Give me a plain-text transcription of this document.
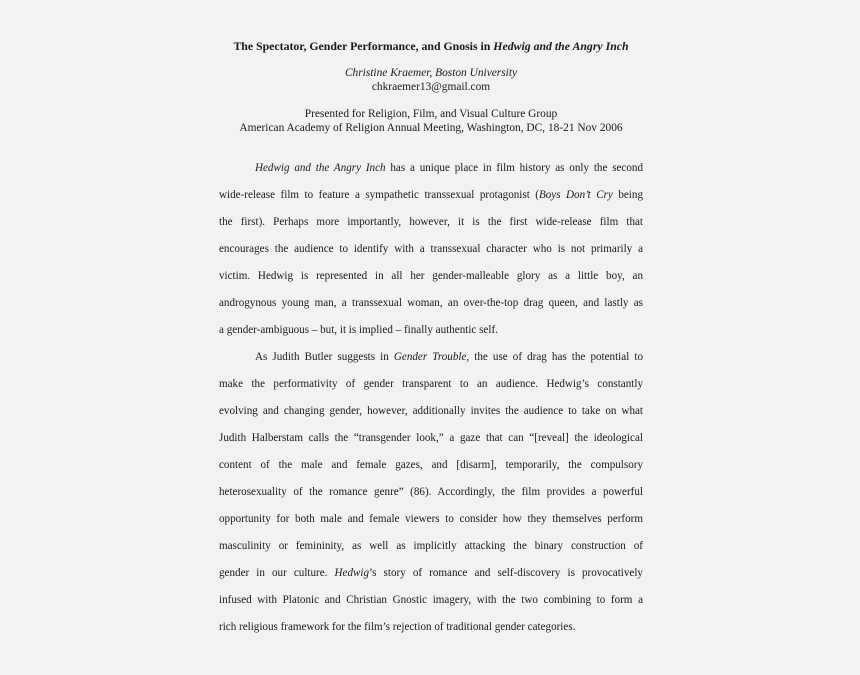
The Spectator, Gender Performance, and Gnosis in Hedwig and the Angry Inch
Christine Kraemer, Boston University
chkraemer13@gmail.com
Presented for Religion, Film, and Visual Culture Group
American Academy of Religion Annual Meeting, Washington, DC, 18-21 Nov 2006
Hedwig and the Angry Inch has a unique place in film history as only the second
wide-release film to feature a sympathetic transsexual protagonist (Boys Don’t Cry being
the first). Perhaps more importantly, however, it is the first wide-release film that
encourages the audience to identify with a transsexual character who is not primarily a
victim. Hedwig is represented in all her gender-malleable glory as a little boy, an
androgynous young man, a transsexual woman, an over-the-top drag queen, and lastly as
a gender-ambiguous – but, it is implied – finally authentic self.
As Judith Butler suggests in Gender Trouble, the use of drag has the potential to
make the performativity of gender transparent to an audience. Hedwig’s constantly
evolving and changing gender, however, additionally invites the audience to take on what
Judith Halberstam calls the “transgender look,” a gaze that can “[reveal] the ideological
content of the male and female gazes, and [disarm], temporarily, the compulsory
heterosexuality of the romance genre” (86). Accordingly, the film provides a powerful
opportunity for both male and female viewers to consider how they themselves perform
masculinity or femininity, as well as implicitly attacking the binary construction of
gender in our culture. Hedwig’s story of romance and self-discovery is provocatively
infused with Platonic and Christian Gnostic imagery, with the two combining to form a
rich religious framework for the film’s rejection of traditional gender categories.
